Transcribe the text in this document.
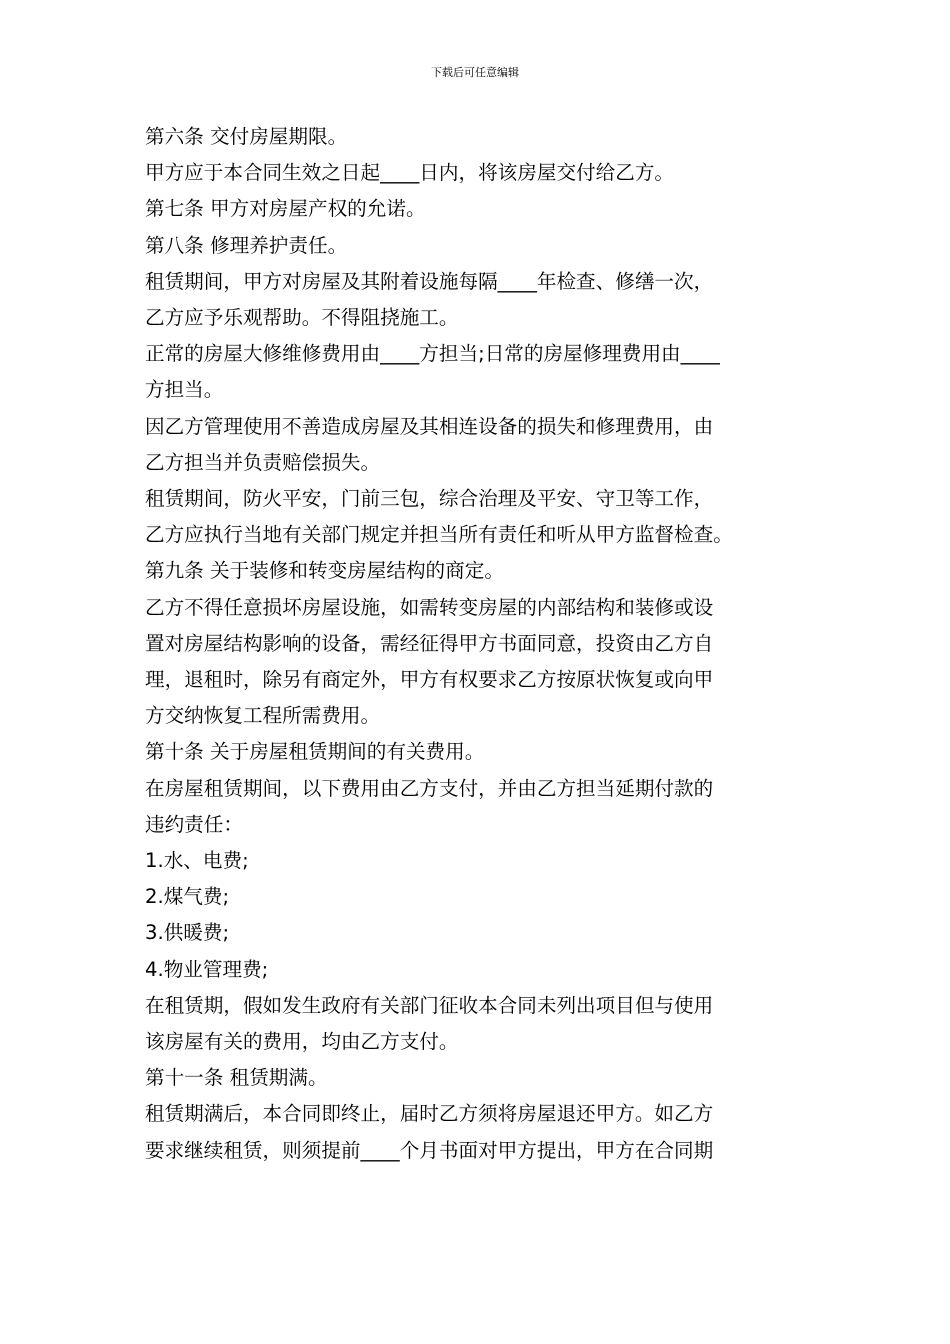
下载后可任意编辑

第六条 交付房屋期限。

甲方应于本合同生效之日起____日内，将该房屋交付给乙方。

第七条 甲方对房屋产权的允诺。

第八条 修理养护责任。

租赁期间，甲方对房屋及其附着设施每隔____年检查、修缮一次，
乙方应予乐观帮助。不得阻挠施工。

正常的房屋大修维修费用由____方担当;日常的房屋修理费用由____
方担当。

因乙方管理使用不善造成房屋及其相连设备的损失和修理费用，由
乙方担当并负责赔偿损失。

租赁期间，防火平安，门前三包，综合治理及平安、守卫等工作，
乙方应执行当地有关部门规定并担当所有责任和听从甲方监督检查。

第九条 关于装修和转变房屋结构的商定。

乙方不得任意损坏房屋设施，如需转变房屋的内部结构和装修或设
置对房屋结构影响的设备，需经征得甲方书面同意，投资由乙方自
理，退租时，除另有商定外，甲方有权要求乙方按原状恢复或向甲
方交纳恢复工程所需费用。

第十条 关于房屋租赁期间的有关费用。

在房屋租赁期间，以下费用由乙方支付，并由乙方担当延期付款的
违约责任：

1.水、电费;

2.煤气费;

3.供暖费;

4.物业管理费;

在租赁期，假如发生政府有关部门征收本合同未列出项目但与使用
该房屋有关的费用，均由乙方支付。

第十一条 租赁期满。

租赁期满后，本合同即终止，届时乙方须将房屋退还甲方。如乙方
要求继续租赁，则须提前____个月书面对甲方提出，甲方在合同期
